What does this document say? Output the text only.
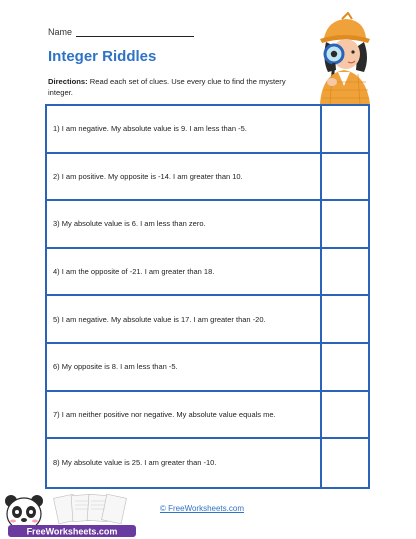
Name
Integer Riddles

Directions: Read each set of clues. Use every clue to find the mystery integer.

1) I am negative. My absolute value is 9. I am less than -5.
2) I am positive. My opposite is -14. I am greater than 10.
3) My absolute value is 6. I am less than zero.
4) I am the opposite of -21. I am greater than 18.
5) I am negative. My absolute value is 17. I am greater than -20.
6) My opposite is 8. I am less than -5.
7) I am neither positive nor negative. My absolute value equals me.
8) My absolute value is 25. I am greater than -10.
FreeWorksheets.com
© FreeWorksheets.com
